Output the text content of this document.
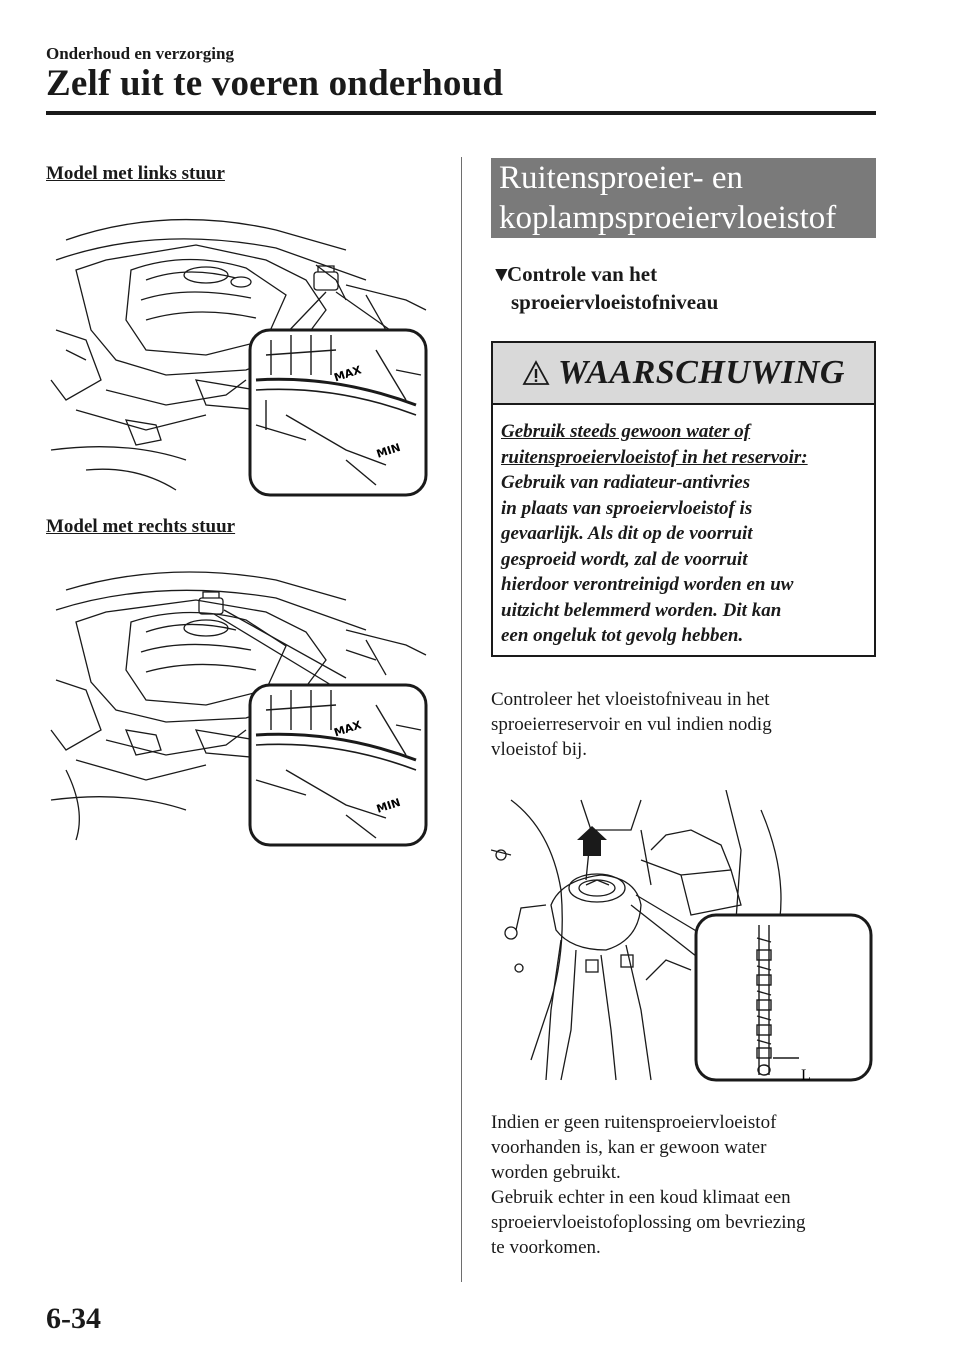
Onderhoud en verzorging
Zelf uit te voeren onderhoud
Model met links stuur
MAX
MIN
Model met rechts stuur
MAX
MIN
Ruitensproeier- en
koplampsproeiervloeistof
▼Controle van het
sproeiervloeistofniveau
WAARSCHUWING
Gebruik steeds gewoon water of
ruitensproeiervloeistof in het reservoir:
Gebruik van radiateur-antivries
in plaats van sproeiervloeistof is
gevaarlijk. Als dit op de voorruit
gesproeid wordt, zal de voorruit
hierdoor verontreinigd worden en uw
uitzicht belemmerd worden. Dit kan
een ongeluk tot gevolg hebben.
Controleer het vloeistofniveau in het
sproeierreservoir en vul indien nodig
vloeistof bij.
L
Indien er geen ruitensproeiervloeistof
voorhanden is, kan er gewoon water
worden gebruikt.
Gebruik echter in een koud klimaat een
sproeiervloeistofoplossing om bevriezing
te voorkomen.
6-34
